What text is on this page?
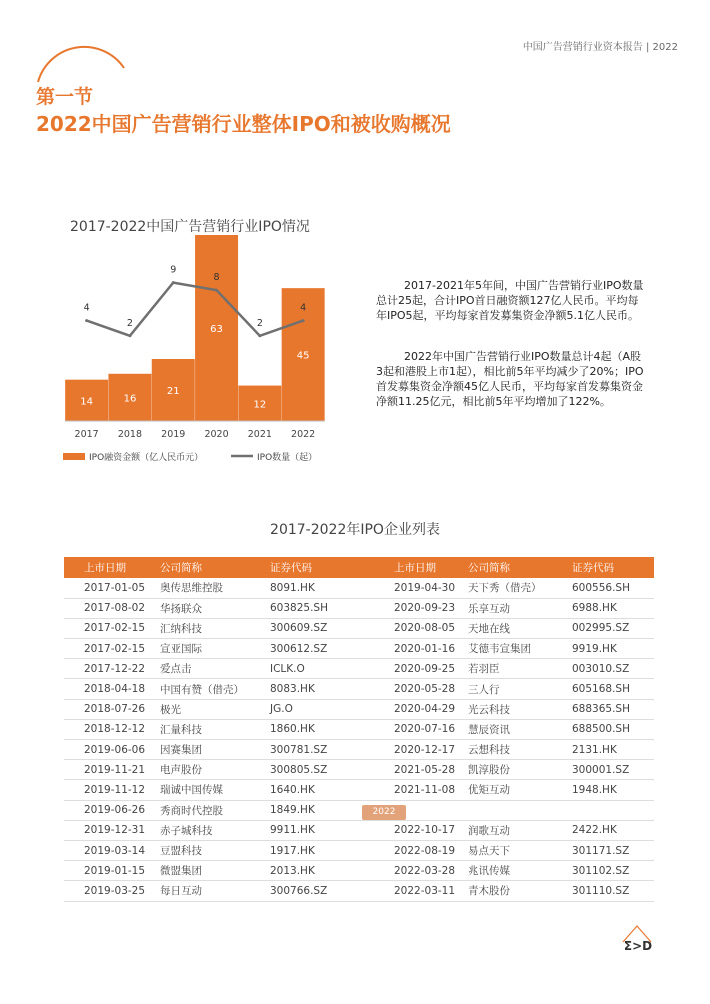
中国广告营销行业资本报告 | 2022
第一节
2022中国广告营销行业整体IPO和被收购概况
2017-2022中国广告营销行业IPO情况
14
2017
16
2018
21
2019
63
2020
12
2021
45
2022
4
2
9
8
2
4
IPO融资金额（亿人民币元）	IPO数量（起）
2017-2021年5年间，中国广告营销行业IPO数量总计25起，合计IPO首日融资额127亿人民币。平均每年IPO5起，平均每家首发募集资金净额5.1亿人民币。
2022年中国广告营销行业IPO数量总计4起（A股3起和港股上市1起），相比前5年平均减少了20%；IPO首发募集资金净额45亿人民币，平均每家首发募集资金净额11.25亿元，相比前5年平均增加了122%。
2017-2022年IPO企业列表
上市日期	公司简称	证券代码	上市日期	公司简称	证券代码
2017-01-05	奥传思维控股	8091.HK	2019-04-30	天下秀（借壳）	600556.SH
2017-08-02	华扬联众	603825.SH	2020-09-23	乐享互动	6988.HK
2017-02-15	汇纳科技	300609.SZ	2020-08-05	天地在线	002995.SZ
2017-02-15	宣亚国际	300612.SZ	2020-01-16	艾德韦宣集团	9919.HK
2017-12-22	爱点击	ICLK.O	2020-09-25	若羽臣	003010.SZ
2018-04-18	中国有赞（借壳）	8083.HK	2020-05-28	三人行	605168.SH
2018-07-26	极光	JG.O	2020-04-29	光云科技	688365.SH
2018-12-12	汇量科技	1860.HK	2020-07-16	慧辰资讯	688500.SH
2019-06-06	因赛集团	300781.SZ	2020-12-17	云想科技	2131.HK
2019-11-21	电声股份	300805.SZ	2021-05-28	凯淳股份	300001.SZ
2019-11-12	瑞诚中国传媒	1640.HK	2021-11-08	优矩互动	1948.HK
2019-06-26	秀商时代控股	1849.HK			
2019-12-31	赤子城科技	9911.HK	2022-10-17	润歌互动	2422.HK
2019-03-14	豆盟科技	1917.HK	2022-08-19	易点天下	301171.SZ
2019-01-15	微盟集团	2013.HK	2022-03-28	兆讯传媒	301102.SZ
2019-03-25	每日互动	300766.SZ	2022-03-11	青木股份	301110.SZ
2022
Σ>D
